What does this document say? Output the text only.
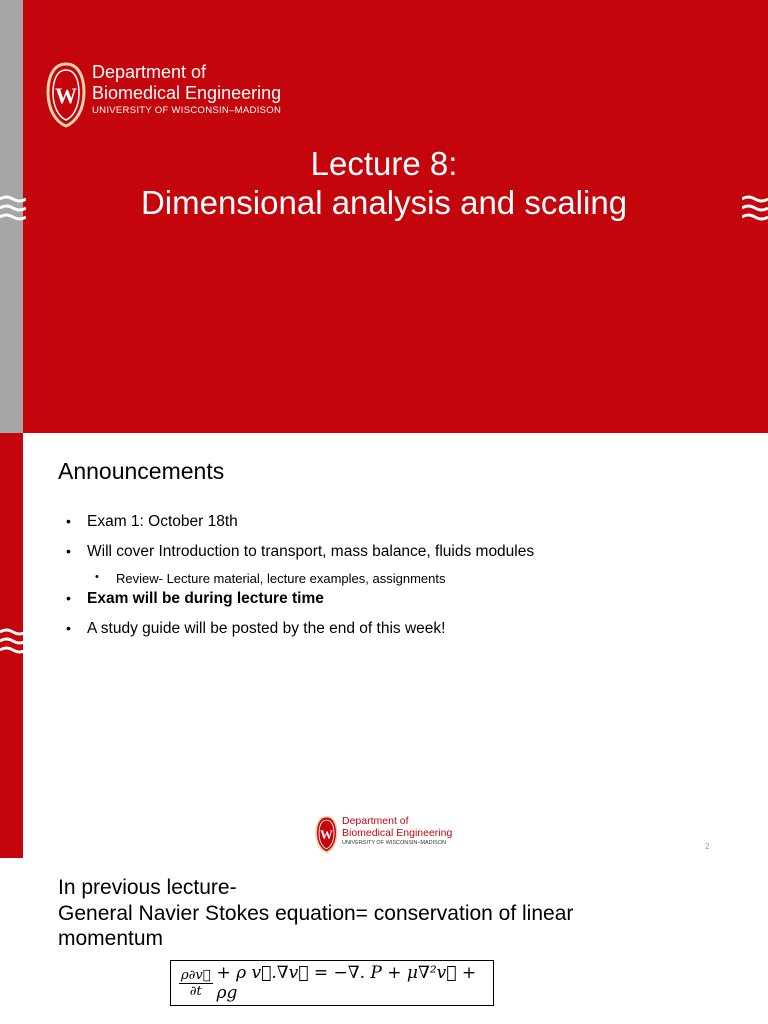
W
Department of
Biomedical Engineering
UNIVERSITY OF WISCONSIN–MADISON
Lecture 8:
Dimensional analysis and scaling
Announcements
• Exam 1: October 18th
• Will cover Introduction to transport, mass balance, fluids modules
• Review- Lecture material, lecture examples, assignments
• Exam will be during lecture time
• A study guide will be posted by the end of this week!
W
Department of
Biomedical Engineering
UNIVERSITY OF WISCONSIN–MADISON	2
In previous lecture-
General Navier Stokes equation= conservation of linear
momentum
$\frac{\rho\partial v⃗}{\partial t} + \rho$ v⃗.∇v⃗ = −∇. P + μ∇²v⃗ + ρg
